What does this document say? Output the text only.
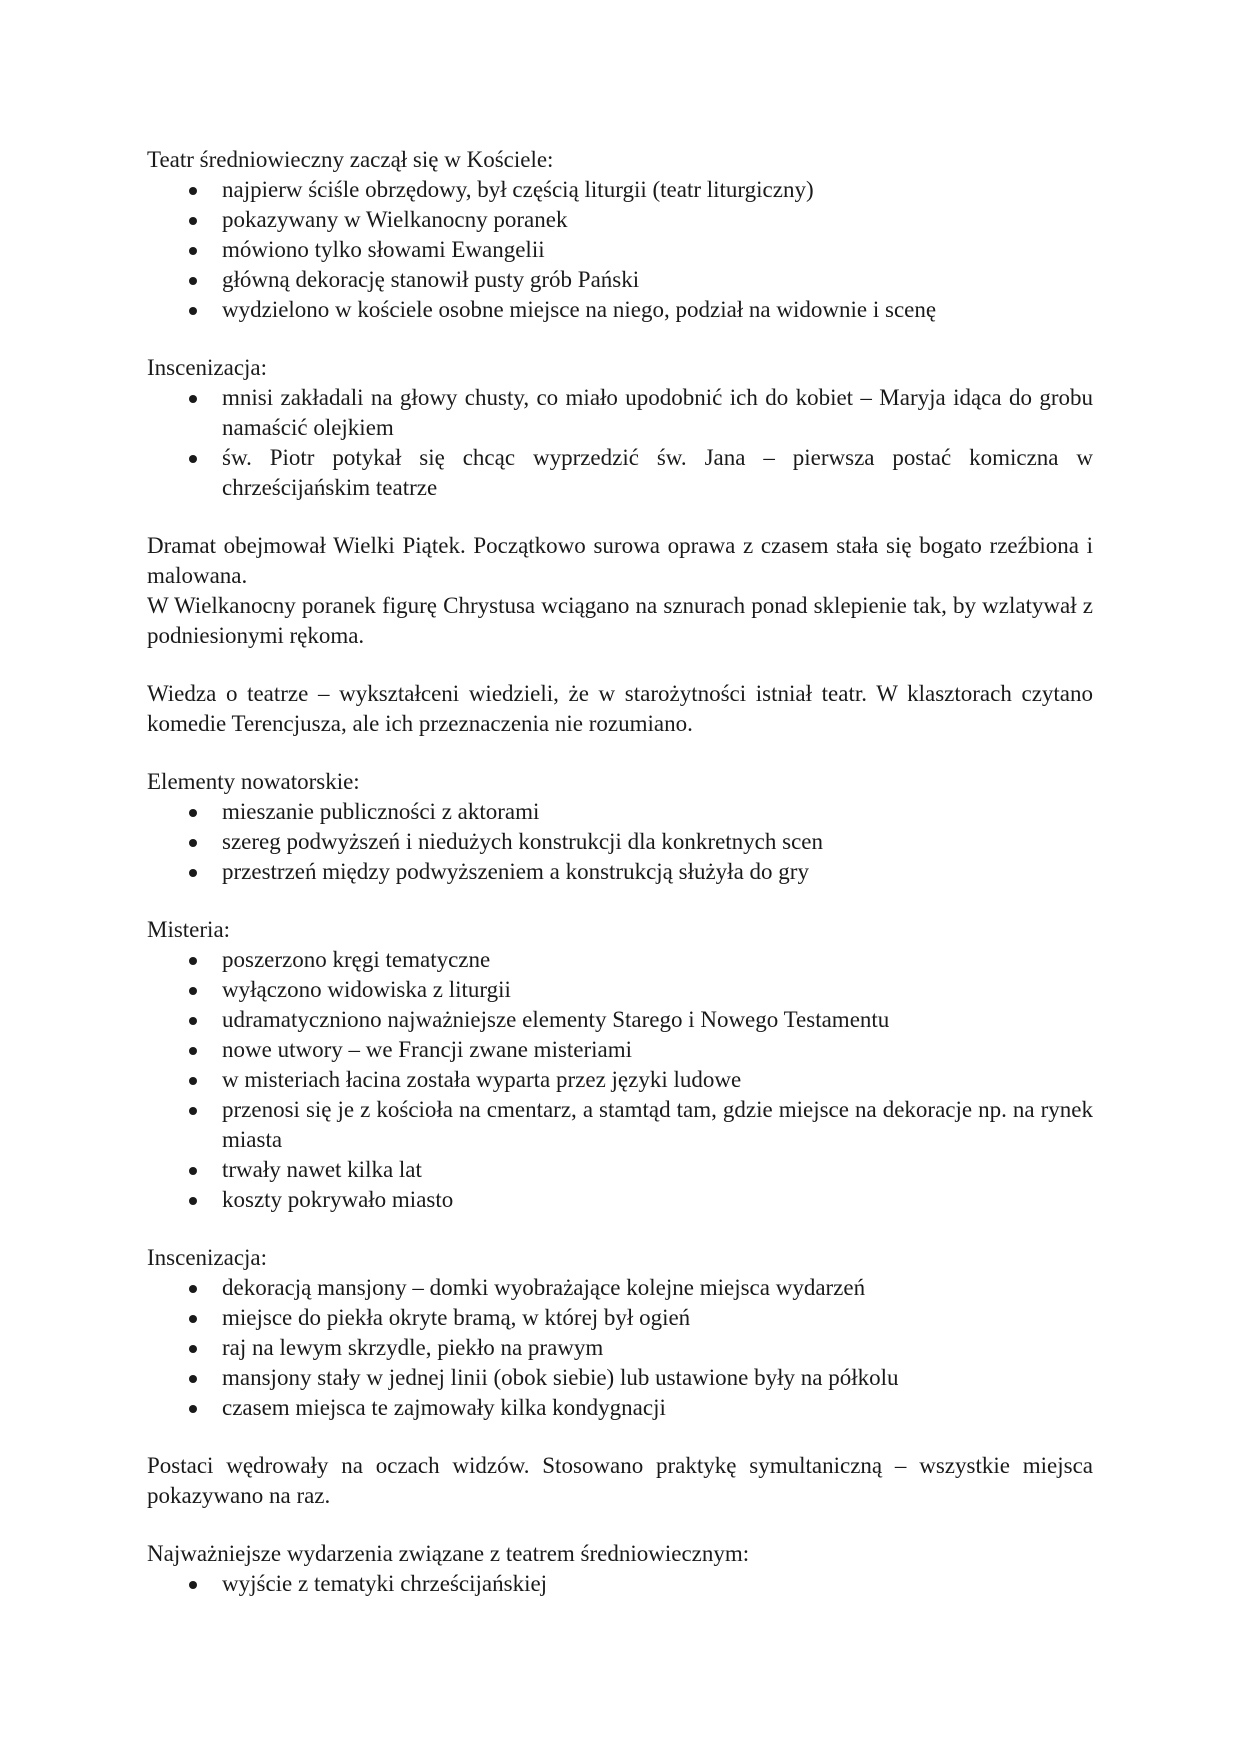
Teatr średniowieczny zaczął się w Kościele:

najpierw ściśle obrzędowy, był częścią liturgii (teatr liturgiczny)
pokazywany w Wielkanocny poranek
mówiono tylko słowami Ewangelii
główną dekorację stanowił pusty grób Pański
wydzielono w kościele osobne miejsce na niego, podział na widownie i scenę

Inscenizacja:

mnisi zakładali na głowy chusty, co miało upodobnić ich do kobiet – Maryja idąca do grobu namaścić olejkiem
św. Piotr potykał się chcąc wyprzedzić św. Jana – pierwsza postać komiczna w chrześcijańskim teatrze

Dramat obejmował Wielki Piątek. Początkowo surowa oprawa z czasem stała się bogato rzeźbiona i malowana.

W Wielkanocny poranek figurę Chrystusa wciągano na sznurach ponad sklepienie tak, by wzlatywał z podniesionymi rękoma.

Wiedza o teatrze – wykształceni wiedzieli, że w starożytności istniał teatr. W klasztorach czytano komedie Terencjusza, ale ich przeznaczenia nie rozumiano.

Elementy nowatorskie:

mieszanie publiczności z aktorami
szereg podwyższeń i niedużych konstrukcji dla konkretnych scen
przestrzeń między podwyższeniem a konstrukcją służyła do gry

Misteria:

poszerzono kręgi tematyczne
wyłączono widowiska z liturgii
udramatyczniono najważniejsze elementy Starego i Nowego Testamentu
nowe utwory – we Francji zwane misteriami
w misteriach łacina została wyparta przez języki ludowe
przenosi się je z kościoła na cmentarz, a stamtąd tam, gdzie miejsce na dekoracje np. na rynek miasta
trwały nawet kilka lat
koszty pokrywało miasto

Inscenizacja:

dekoracją mansjony – domki wyobrażające kolejne miejsca wydarzeń
miejsce do piekła okryte bramą, w której był ogień
raj na lewym skrzydle, piekło na prawym
mansjony stały w jednej linii (obok siebie) lub ustawione były na półkolu
czasem miejsca te zajmowały kilka kondygnacji

Postaci wędrowały na oczach widzów. Stosowano praktykę symultaniczną – wszystkie miejsca pokazywano na raz.

Najważniejsze wydarzenia związane z teatrem średniowiecznym:

wyjście z tematyki chrześcijańskiej
